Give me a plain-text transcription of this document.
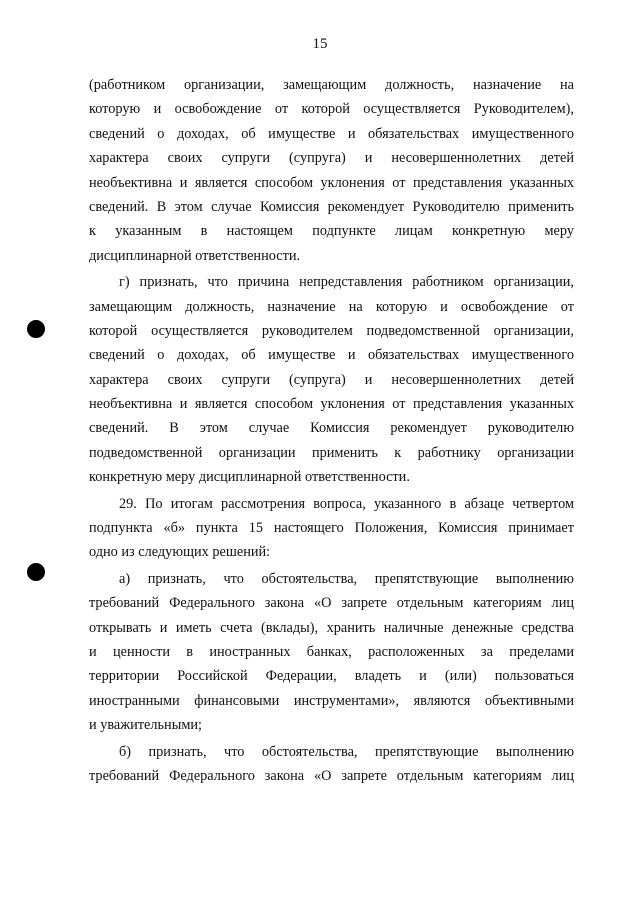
15
(работником организации, замещающим должность, назначение на
которую и освобождение от которой осуществляется Руководителем),
сведений о доходах, об имуществе и обязательствах имущественного
характера своих супруги (супруга) и несовершеннолетних детей
необъективна и является способом уклонения от представления указанных
сведений. В этом случае Комиссия рекомендует Руководителю применить
к указанным в настоящем подпункте лицам конкретную меру
дисциплинарной ответственности.
г) признать, что причина непредставления работником организации,
замещающим должность, назначение на которую и освобождение от
которой осуществляется руководителем подведомственной организации,
сведений о доходах, об имуществе и обязательствах имущественного
характера своих супруги (супруга) и несовершеннолетних детей
необъективна и является способом уклонения от представления указанных
сведений. В этом случае Комиссия рекомендует руководителю
подведомственной организации применить к работнику организации
конкретную меру дисциплинарной ответственности.
29. По итогам рассмотрения вопроса, указанного в абзаце четвертом
подпункта «б» пункта 15 настоящего Положения, Комиссия принимает
одно из следующих решений:
а) признать, что обстоятельства, препятствующие выполнению
требований Федерального закона «О запрете отдельным категориям лиц
открывать и иметь счета (вклады), хранить наличные денежные средства
и ценности в иностранных банках, расположенных за пределами
территории Российской Федерации, владеть и (или) пользоваться
иностранными финансовыми инструментами», являются объективными
и уважительными;
б) признать, что обстоятельства, препятствующие выполнению
требований Федерального закона «О запрете отдельным категориям лиц
